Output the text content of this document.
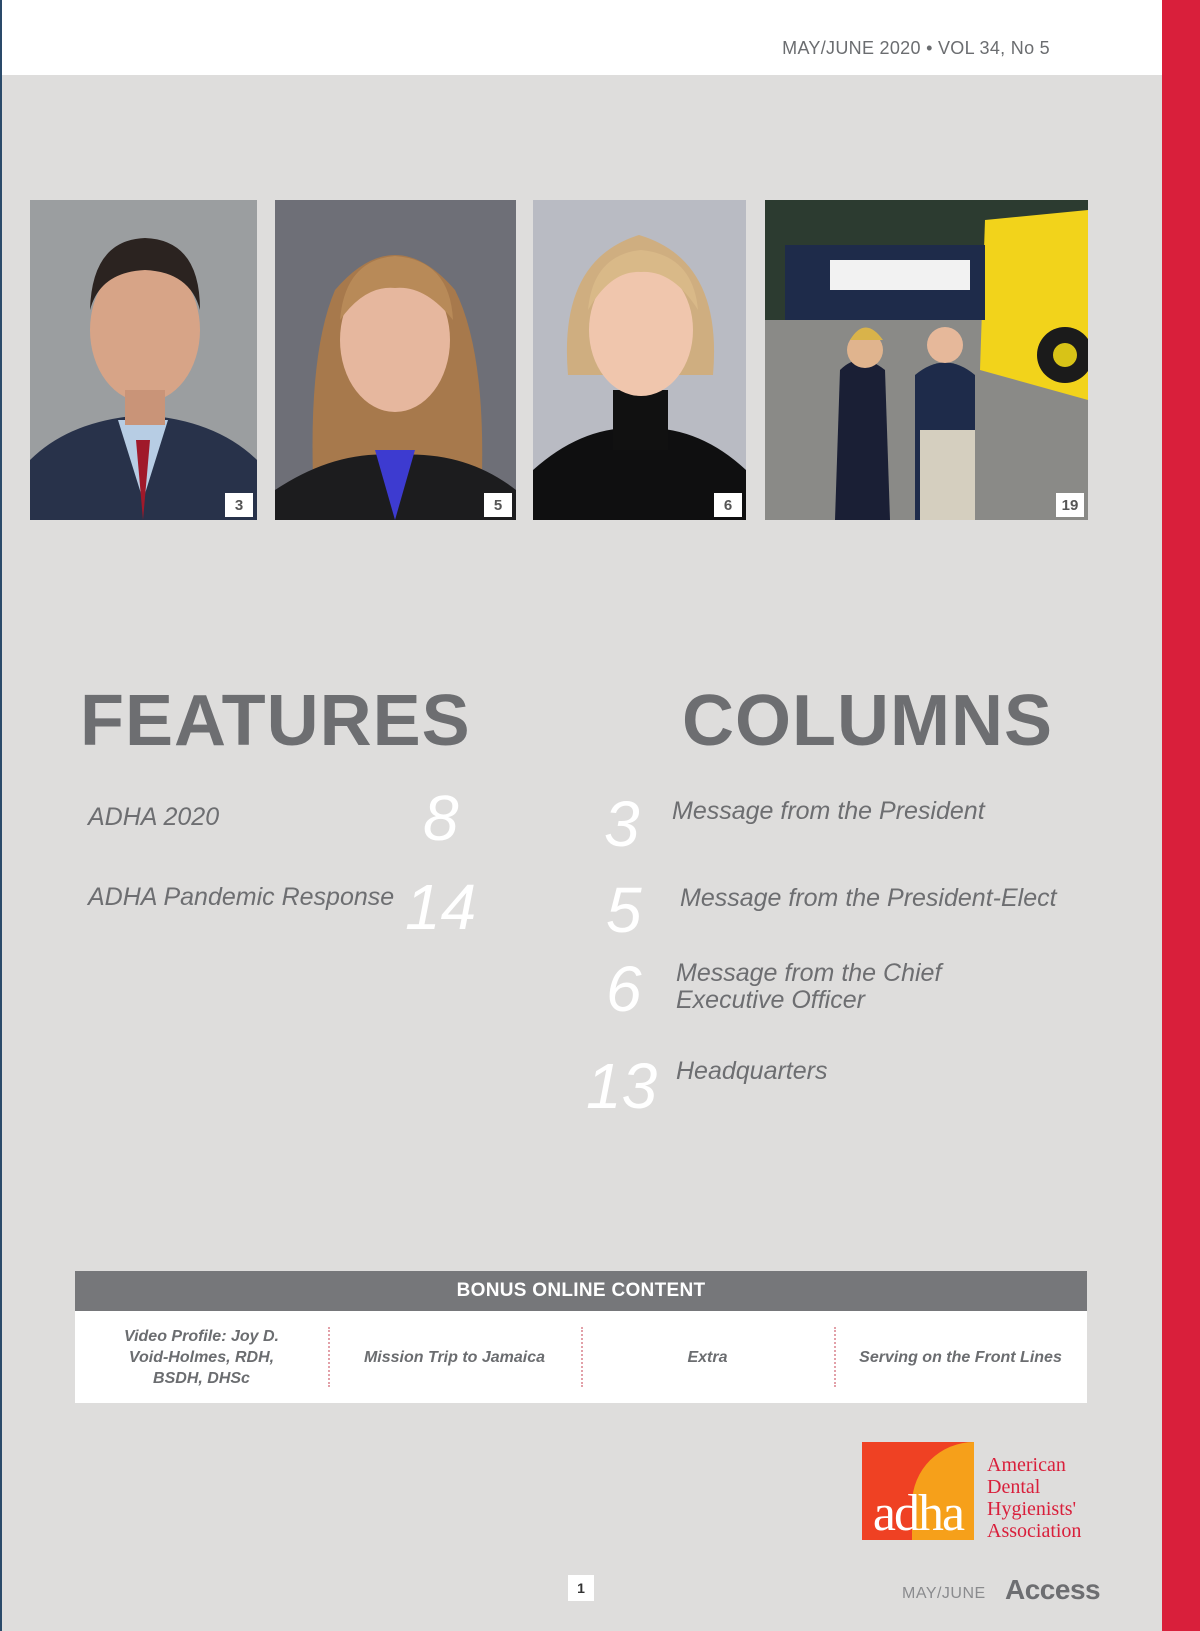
MAY/JUNE 2020 • VOL 34, No 5
3	5	6	19
FEATURES	COLUMNS
ADHA 2020	8
ADHA Pandemic Response 14
3 Message from the President
5 Message from the President-Elect
6 Message from the Chief Executive Officer
13 Headquarters
BONUS ONLINE CONTENT
Video Profile: Joy D. Void-Holmes, RDH, BSDH, DHSc
Mission Trip to Jamaica	Extra	Serving on the Front Lines
adha
American Dental Hygienists' Association
1	MAY/JUNE Access
